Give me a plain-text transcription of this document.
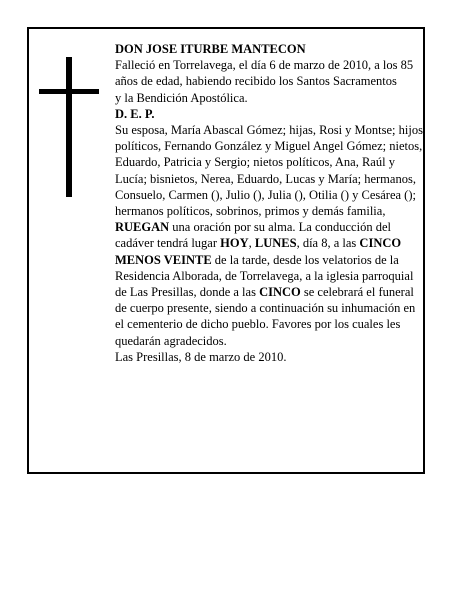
DON JOSE ITURBE MANTECON

Falleció en Torrelavega, el día 6 de marzo de 2010, a los 85 años de edad, habiendo recibido los Santos Sacramentos

y la Bendición Apostólica.

D. E. P.

Su esposa, María Abascal Gómez; hijas, Rosi y Montse; hijos políticos, Fernando González y Miguel Angel Gómez; nietos, Eduardo, Patricia y Sergio; nietos políticos, Ana, Raúl y Lucía; bisnietos, Nerea, Eduardo, Lucas y María; hermanos, Consuelo, Carmen (), Julio (), Julia (), Otilia () y Cesárea (); hermanos políticos, sobrinos, primos y demás familia,

RUEGAN una oración por su alma. La conducción del cadáver tendrá lugar HOY, LUNES, día 8, a las CINCO MENOS VEINTE de la tarde, desde los velatorios de la Residencia Alborada, de Torrelavega, a la iglesia parroquial de Las Presillas, donde a las CINCO se celebrará el funeral de cuerpo presente, siendo a continuación su inhumación en el cementerio de dicho pueblo. Favores por los cuales les quedarán agradecidos.

Las Presillas, 8 de marzo de 2010.
